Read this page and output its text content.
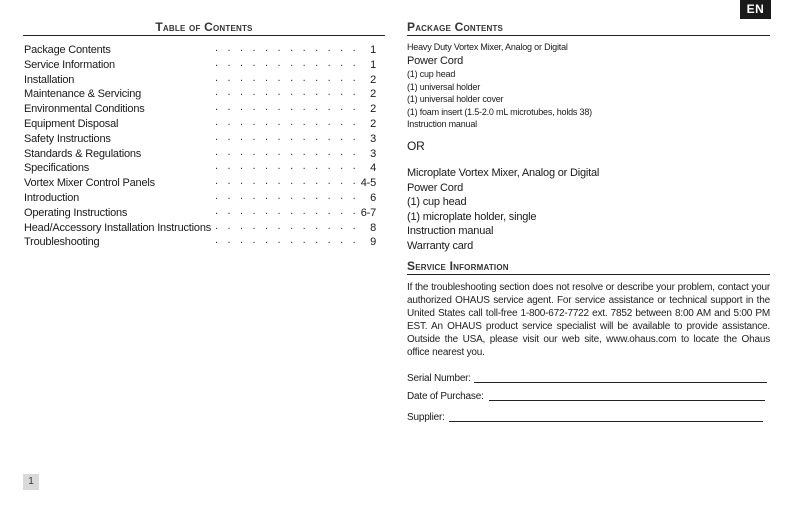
EN
Table of Contents
Package Contents	. . . . . . . . . . . . 1
Service Information	. . . . . . . . . . . . 1
Installation	. . . . . . . . . . . . 2
Maintenance & Servicing	. . . . . . . . . . . . 2
Environmental Conditions	. . . . . . . . . . . . 2
Equipment Disposal	. . . . . . . . . . . . 2
Safety Instructions	. . . . . . . . . . . . 3
Standards & Regulations	. . . . . . . . . . . . 3
Specifications	. . . . . . . . . . . . 4
Vortex Mixer Control Panels	. . . . . . . . . . . . 4-5
Introduction	. . . . . . . . . . . . 6
Operating Instructions	. . . . . . . . . . . . 6-7
Head/Accessory Installation Instructions . . . . . . . . . . . . 8
Troubleshooting	. . . . . . . . . . . . 9
Package Contents
Heavy Duty Vortex Mixer, Analog or Digital
Power Cord
(1) cup head
(1) universal holder
(1) universal holder cover
(1) foam insert (1.5-2.0 mL microtubes, holds 38)
Instruction manual
OR
Microplate Vortex Mixer, Analog or Digital
Power Cord
(1) cup head
(1) microplate holder, single
Instruction manual
Warranty card
Service Information
If the troubleshooting section does not resolve or describe your problem, contact your authorized OHAUS service agent. For service assistance or technical support in the United States call toll-free 1-800-672-7722 ext. 7852 between 8:00 AM and 5:00 PM EST. An OHAUS product service specialist will be available to provide assistance. Outside the USA, please visit our web site, www.ohaus.com to locate the Ohaus office nearest you.
Serial Number:
Date of Purchase:
Supplier:
1
